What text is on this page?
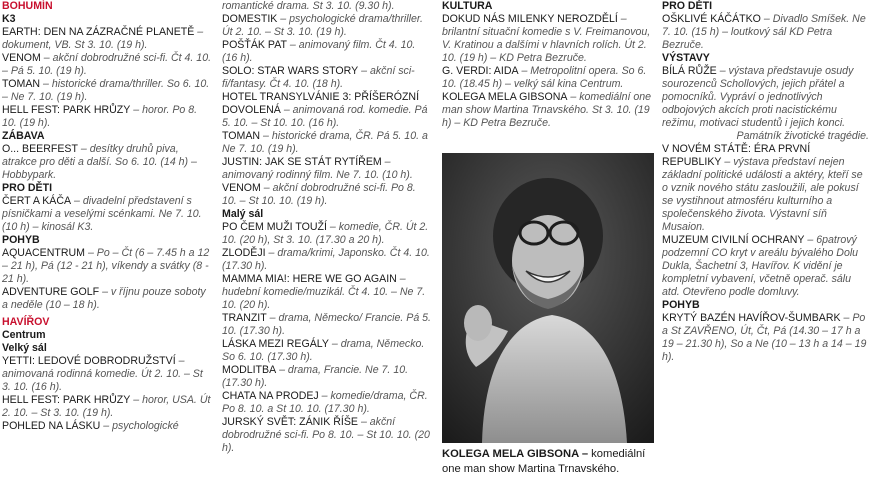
BOHUMÍN

K3

EARTH: DEN NA ZÁZRAČNÉ PLANETĚ – dokument, VB. St 3. 10. (19 h).

VENOM – akční dobrodružné sci-fi. Čt 4. 10. – Pá 5. 10. (19 h).

TOMAN – historické drama/thriller. So 6. 10. – Ne 7. 10. (19 h).

HELL FEST: PARK HRŮZY – horor. Po 8. 10. (19 h).

ZÁBAVA

O... BEERFEST – desítky druhů piva, atrakce pro děti a další. So 6. 10. (14 h) – Hobbypark.

PRO DĚTI

ČERT A KÁČA – divadelní představení s písničkami a veselými scénkami. Ne 7. 10. (10 h) – kinosál K3.

POHYB

AQUACENTRUM – Po – Čt (6 – 7.45 h a 12 – 21 h), Pá (12 - 21 h), víkendy a svátky (8 - 21 h).

ADVENTURE GOLF – v říjnu pouze soboty a neděle (10 – 18 h).

HAVÍŘOV

Centrum

Velký sál

YETTI: LEDOVÉ DOBRODRUŽSTVÍ – animovaná rodinná komedie. Út 2. 10. – St 3. 10. (16 h).

HELL FEST: PARK HRŮZY – horor, USA. Út 2. 10. – St 3. 10. (19 h).

POHLED NA LÁSKU – psychologické

romantické drama. St 3. 10. (9.30 h).

DOMESTIK – psychologické drama/thriller. Út 2. 10. – St 3. 10. (19 h).

POŠŤÁK PAT – animovaný film. Čt 4. 10. (16 h).

SOLO: STAR WARS STORY – akční sci-fi/fantasy. Čt 4. 10. (18 h).

HOTEL TRANSYLVÁNIE 3: PŘÍŠERÓZNÍ DOVOLENÁ – animovaná rod. komedie. Pá 5. 10. – St 10. 10. (16 h).

TOMAN – historické drama, ČR. Pá 5. 10. a Ne 7. 10. (19 h).

JUSTIN: JAK SE STÁT RYTÍŘEM – animovaný rodinný film. Ne 7. 10. (10 h).

VENOM – akční dobrodružné sci-fi. Po 8. 10. – St 10. 10. (19 h).

Malý sál

PO ČEM MUŽI TOUŽÍ – komedie, ČR. Út 2. 10. (20 h), St 3. 10. (17.30 a 20 h).

ZLODĚJI – drama/krimi, Japonsko. Čt 4. 10. (17.30 h).

MAMMA MIA!: HERE WE GO AGAIN – hudební komedie/muzikál. Čt 4. 10. – Ne 7. 10. (20 h).

TRANZIT – drama, Německo/ Francie. Pá 5. 10. (17.30 h).

LÁSKA MEZI REGÁLY – drama, Německo. So 6. 10. (17.30 h).

MODLITBA – drama, Francie. Ne 7. 10. (17.30 h).

CHATA NA PRODEJ – komedie/drama, ČR. Po 8. 10. a St 10. 10. (17.30 h).

JURSKÝ SVĚT: ZÁNIK ŘÍŠE – akční dobrodružné sci-fi. Po 8. 10. – St 10. 10. (20 h).

KULTURA

DOKUD NÁS MILENKY NEROZDĚLÍ – brilantní situační komedie s V. Freimanovou, V. Kratinou a dalšími v hlavních rolích. Út 2. 10. (19 h) – KD Petra Bezruče.

G. VERDI: AIDA – Metropolitní opera. So 6. 10. (18.45 h) – velký sál kina Centrum.

KOLEGA MELA GIBSONA – komediální one man show Martina Trnavského. St 3. 10. (19 h) – KD Petra Bezruče.

KOLEGA MELA GIBSONA – komediální one man show Martina Trnavského.

PRO DĚTI

OŠKLIVÉ KÁČÁTKO – Divadlo Smíšek. Ne 7. 10. (15 h) – loutkový sál KD Petra Bezruče.

VÝSTAVY

BÍLÁ RŮŽE – výstava představuje osudy sourozenců Schollových, jejich přátel a pomocníků. Vypráví o jednotlivých odbojových akcích proti nacistickému režimu, motivaci studentů i jejich konci.

Památník životické tragédie.

V NOVÉM STÁTĚ: ÉRA PRVNÍ REPUBLIKY – výstava představí nejen základní politické události a aktéry, kteří se o vznik nového státu zasloužili, ale pokusí se vystihnout atmosféru kulturního a společenského života. Výstavní síň Musaion.

MUZEUM CIVILNÍ OCHRANY – 6patrový podzemní CO kryt v areálu bývalého Dolu Dukla, Šachetní 3, Havířov. K vidění je kompletní vybavení, včetně operač. sálu atd. Otevřeno podle domluvy.

POHYB

KRYTÝ BAZÉN HAVÍŘOV-ŠUMBARK – Po a St ZAVŘENO, Út, Čt, Pá (14.30 – 17 h a 19 – 21.30 h), So a Ne (10 – 13 h a 14 – 19 h).
